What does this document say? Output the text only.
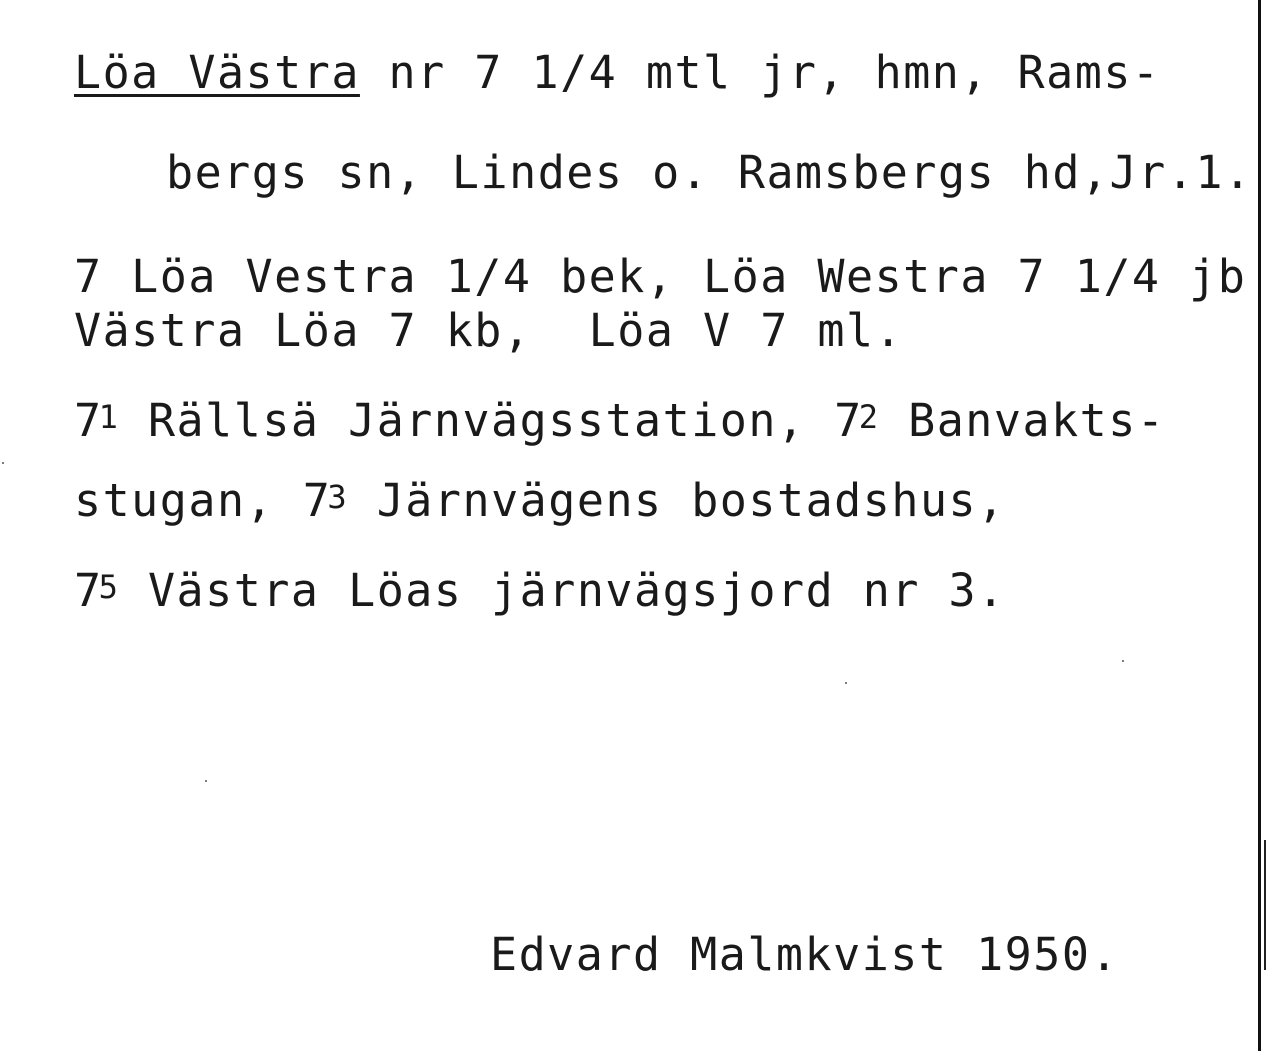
Löa Västra nr 7 1/4 mtl jr, hmn, Rams-
bergs sn, Lindes o. Ramsbergs hd,Jr.1.
7 Löa Vestra 1/4 bek, Löa Westra 7 1/4 jb
Västra Löa 7 kb,  Löa V 7 ml.
$7^1$ Rällsä Järnvägsstation, $7^2$ Banvakts-
stugan, $7^3$ Järnvägens bostadshus,
$7^5$ Västra Löas järnvägsjord nr 3.
Edvard Malmkvist 1950.
